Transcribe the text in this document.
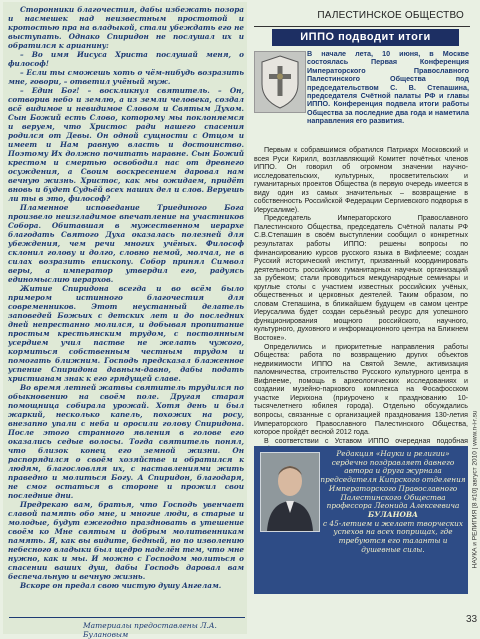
Сторонники благочестия, дабы избежать позора и насмешек над неизвестным простотой и кротостью пра на владыкой, стали убеждать его не выступать. Однако Спиридон не послушал их и обратился к арианину:

– Во имя Иисуса Христа послушай меня, о философ!

– Если ты сможешь хоть о чём-нибудь возразить мне, говори, – ответил учёный муж.

– Един Бог! – воскликнул святитель. – Он, сотворив небо и землю, а из земли человека, создал всё видимое и невидимое Словом и Святым Духом. Сын Божий есть Слово, которому мы поклоняемся и веруем, что Христос ради нашего спасения родился от Девы. Он одной сущности с Отцом и имеет и Нам равную власть и достоинство. Поэтому Их должно почитать наравне. Сын Божий крестом и смертью освободил нас от древнего осуждения, а Своим воскресением даровал нам вечную жизнь. Христос, как мы ожидаем, придёт вновь и будет Судьёй всех наших дел и слов. Веруешь ли ты в это, философ?

Пламенное исповедание Триединого Бога произвело неизгладимое впечатление на участников Собора. Обитавшая в мужественном иерархе благодать Святого Духа оказалась полезней для убеждения, чем речи многих учёных. Философ склонил голову и долго, словно немой, молчал, не в силах возразить епископу. Собор принял Символ веры, а император утвердил его, радуясь единомыслию иерархов.

Житие Спиридона всегда и во всём было примером истинного благочестия для современников. Этот неустанный делатель заповедей Божьих с детских лет и до последних дней непрестанно молился, и добывая пропитание простым крестьянским трудом, с постоянным усердием учил пастве не желать чужого, кормиться собственным честным трудом и помогать ближним. Господь предсказал блаженное успение Спиридона давным-давно, дабы подать христианам знак к его грядущей славе.

Во время летней жатвы святитель трудился по обыкновению на своём поле. Другая старая помощница собирала урожай. Хотя день и был жаркий, несколько капель, похожих на росу, внезапно упали с неба и оросили голову Спиридона. После этого странного явления в голове его оказались седые волосы. Тогда святитель понял, что близок конец его земной жизни. Он распорядился о своём хозяйстве и обратился к людям, благословляя их, с наставлениями жить праведно и молиться Богу. А Спиридон, благодаря, не смог остаться в стороне и прожил свои последние дни.

Предрекаю вам, братья, что Господь увенчает славой память обо мне, и многие люди, в старые и молодые, будут ежегодно праздновать в утешение своём ко Мне святым и добрым молитвенникам память. Я, как вы видите, бедный, но по изволению небесного владыки был щедро наделён тем, что мне нужно, как и мы. И можно с Господом молиться о спасении ваших душ, дабы Господь даровал вам беспечальную и вечную жизнь.

Вскоре он предал свою чистую душу Ангелам.

Материалы предоставлены Л.А. Булановым
ПАЛЕСТИНСКОЕ ОБЩЕСТВО
ИППО подводит итоги
В начале лета, 10 июня, в Москве состоялась Первая Конференция Императорского Православного Палестинского Общества под председательством С. В. Степашина, председателя Счётной палаты РФ и главы ИППО. Конференция подвела итоги работы Общества за последние два года и наметила направления его развития.

Первым к собравшимся обратился Патриарх Московский и всея Руси Кирилл, возглавляющий Комитет почётных членов ИППО. Он говорил об огромном значении научно-исследовательских, культурных, просветительских и гуманитарных проектов Общества (в первую очередь имеется в виду один из самых значительных – возвращение в собственность Российской Федерации Сергиевского подворья в Иерусалиме).

Председатель Императорского Православного Палестинского Общества, председатель Счётной палаты РФ С.В.Степашин в своём выступлении сообщил о конкретных результатах работы ИППО: решены вопросы по финансированию курсов русского языка в Вифлееме; создан Русский исторический институт, призванный координировать деятельность российских гуманитарных научных организаций за рубежом; стали проводиться международные семинары и круглые столы с участием известных российских учёных, общественных и церковных деятелей. Таким образом, по словам Степашина, в ближайшем будущем «в самом центре Иерусалима будет создан серьёзный ресурс для успешного функционирования мощного российского, научного, культурного, духовного и информационного центра на Ближнем Востоке».

Определились и приоритетные направления работы Общества: работа по возвращению других объектов недвижимости ИППО на Святой Земле, активизация паломничества, строительство Русского культурного центра в Вифлееме, помощь в археологических исследованиях и создании музейно-паркового комплекса на Фосафосском участке Иерихона (приурочено к празднованию 10-тысячелетнего юбилея города). Отдельно обсуждались вопросы, связанные с организацией празднования 130-летия Императорского Православного Палестинского Общества, которое пройдёт весной 2012 года.

В соответствии с Уставом ИППО очередная подобная

Редакция «Науки и религии» сердечно поздравляет давнего автора и друга журнала председателя Кипрского отделения Императорского Православного Палестинского Общества профессора Леонида Алексеевича
БУЛАНОВА
с 45-летием и желает творческих успехов на всех поприщах, где требуются его таланты и душевные силы.	НАУКА и РЕЛИГИЯ [8 #10] август 2010 | www.n-i-r.su
33
